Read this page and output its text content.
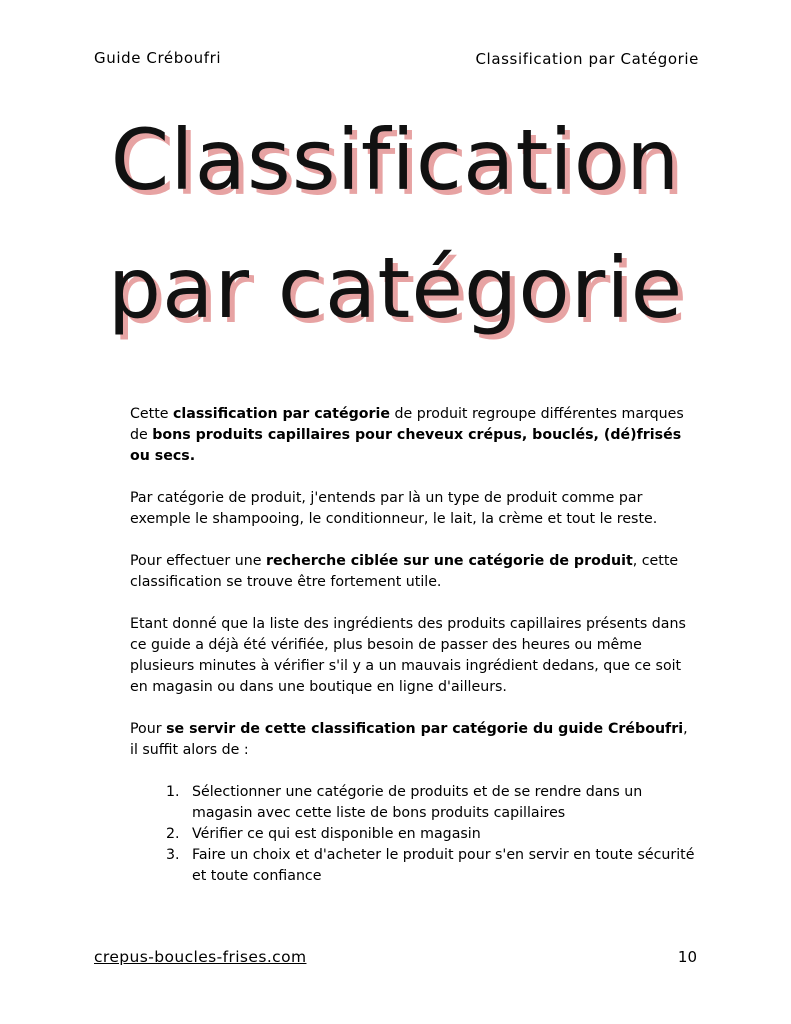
Guide Créboufri	Classification par Catégorie
Classification
par catégorie

Cette classification par catégorie de produit regroupe différentes marques de bons produits capillaires pour cheveux crépus, bouclés, (dé)frisés ou secs.

Par catégorie de produit, j'entends par là un type de produit comme par exemple le shampooing, le conditionneur, le lait, la crème et tout le reste.

Pour effectuer une recherche ciblée sur une catégorie de produit, cette classification se trouve être fortement utile.

Etant donné que la liste des ingrédients des produits capillaires présents dans ce guide a déjà été vérifiée, plus besoin de passer des heures ou même plusieurs minutes à vérifier s'il y a un mauvais ingrédient dedans, que ce soit en magasin ou dans une boutique en ligne d'ailleurs.

Pour se servir de cette classification par catégorie du guide Créboufri, il suffit alors de :

1. Sélectionner une catégorie de produits et de se rendre dans un magasin avec cette liste de bons produits capillaires
2. Vérifier ce qui est disponible en magasin
3. Faire un choix et d'acheter le produit pour s'en servir en toute sécurité et toute confiance
crepus-boucles-frises.com	10
